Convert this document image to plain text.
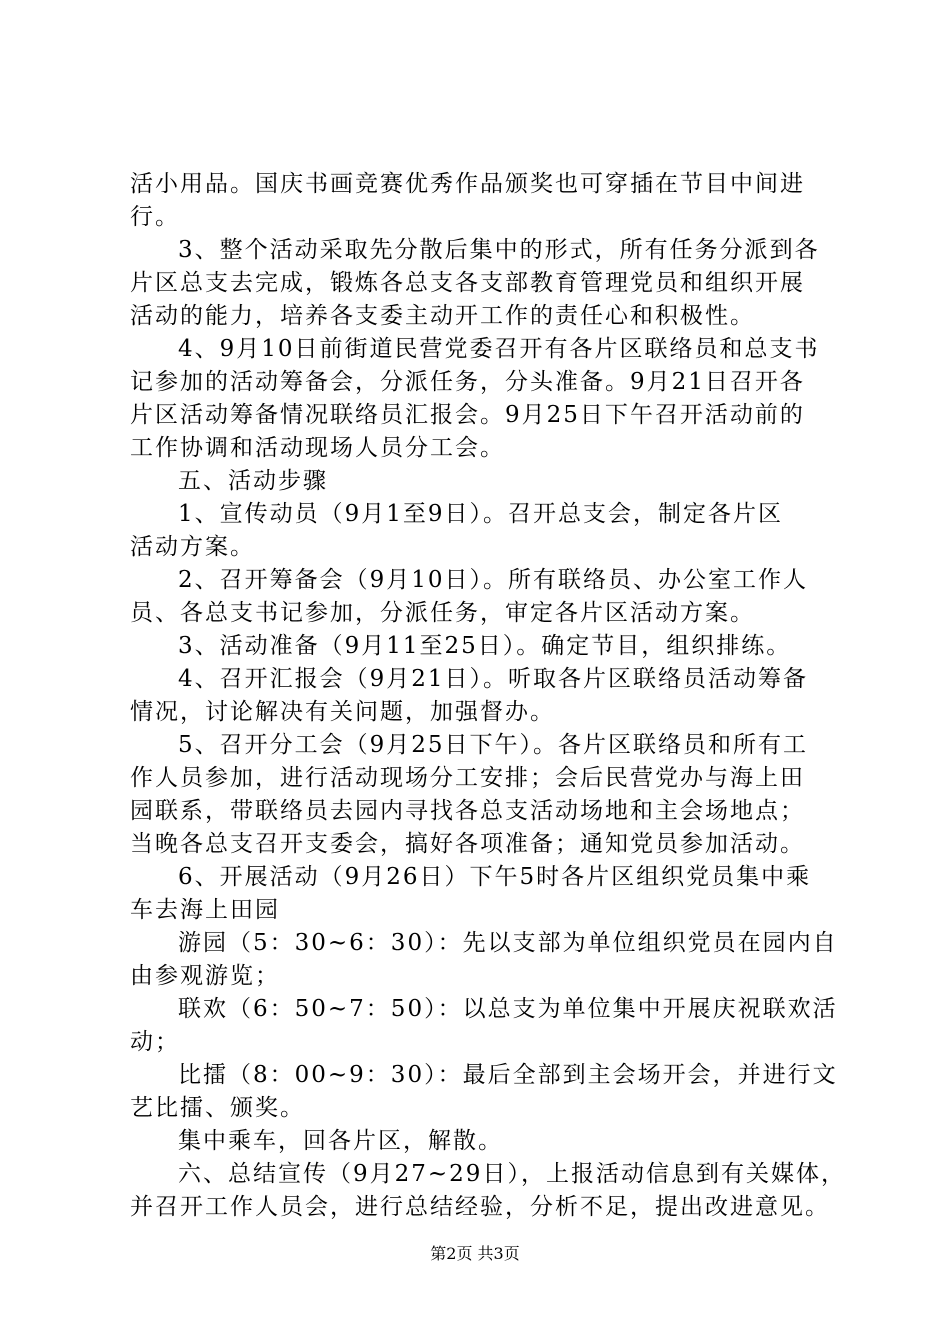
活小用品。国庆书画竞赛优秀作品颁奖也可穿插在节目中间进
行。
3、整个活动采取先分散后集中的形式，所有任务分派到各
片区总支去完成，锻炼各总支各支部教育管理党员和组织开展
活动的能力，培养各支委主动开工作的责任心和积极性。
4、9月10日前街道民营党委召开有各片区联络员和总支书
记参加的活动筹备会，分派任务，分头准备。9月21日召开各
片区活动筹备情况联络员汇报会。9月25日下午召开活动前的
工作协调和活动现场人员分工会。
五、活动步骤
1、宣传动员（9月1至9日）。召开总支会，制定各片区
活动方案。
2、召开筹备会（9月10日）。所有联络员、办公室工作人
员、各总支书记参加，分派任务，审定各片区活动方案。
3、活动准备（9月11至25日）。确定节目，组织排练。
4、召开汇报会（9月21日）。听取各片区联络员活动筹备
情况，讨论解决有关问题，加强督办。
5、召开分工会（9月25日下午）。各片区联络员和所有工
作人员参加，进行活动现场分工安排；会后民营党办与海上田
园联系，带联络员去园内寻找各总支活动场地和主会场地点；
当晚各总支召开支委会，搞好各项准备；通知党员参加活动。
6、开展活动（9月26日）下午5时各片区组织党员集中乘
车去海上田园
游园（5：30~6：30）：先以支部为单位组织党员在园内自
由参观游览；
联欢（6：50~7：50）：以总支为单位集中开展庆祝联欢活
动；
比擂（8：00~9：30）：最后全部到主会场开会，并进行文
艺比擂、颁奖。
集中乘车，回各片区，解散。
六、总结宣传（9月27~29日），上报活动信息到有关媒体，
并召开工作人员会，进行总结经验，分析不足，提出改进意见。
第2页 共3页
